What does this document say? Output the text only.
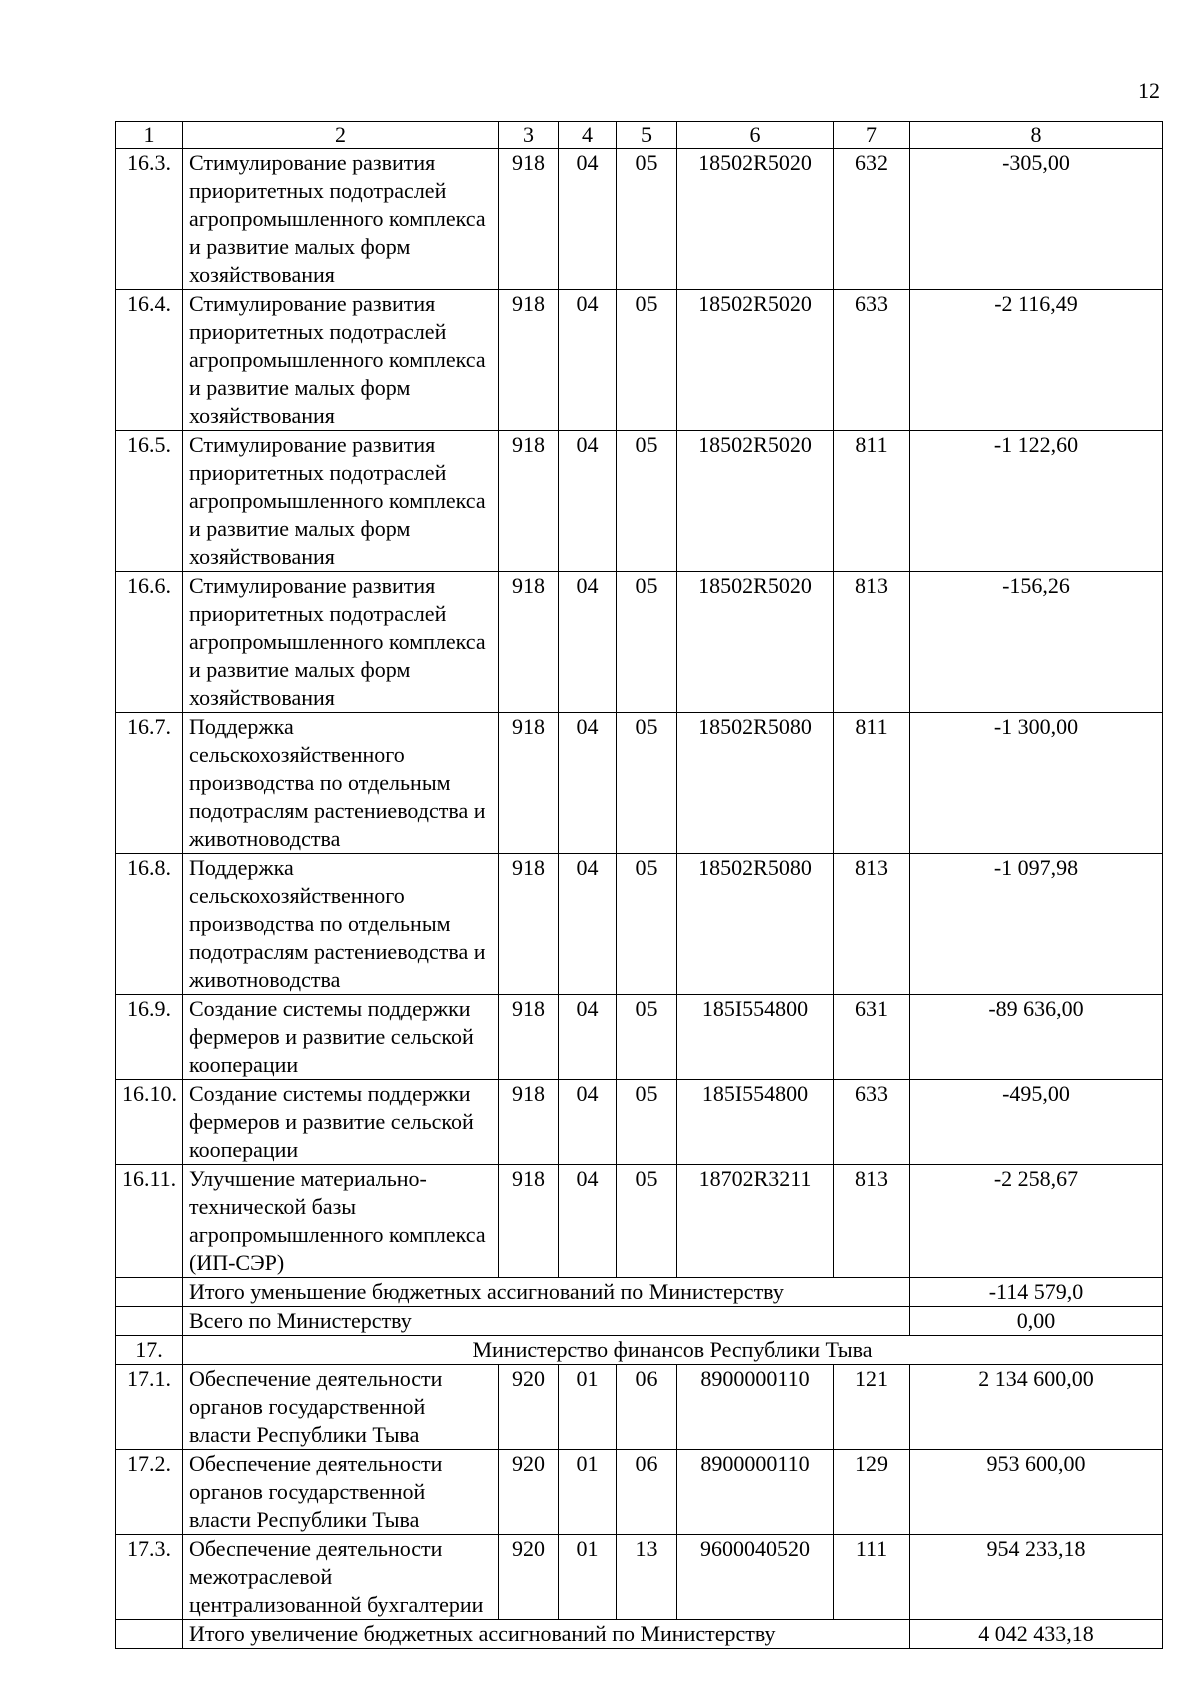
12
1	2	3	4	5	6	7	8
16.3.	Стимулирование развития приоритетных подотраслей агропромышленного комплекса и развитие малых форм хозяйствования	918	04	05	18502R5020	632	-305,00
16.4.	Стимулирование развития приоритетных подотраслей агропромышленного комплекса и развитие малых форм хозяйствования	918	04	05	18502R5020	633	-2 116,49
16.5.	Стимулирование развития приоритетных подотраслей агропромышленного комплекса и развитие малых форм хозяйствования	918	04	05	18502R5020	811	-1 122,60
16.6.	Стимулирование развития приоритетных подотраслей агропромышленного комплекса и развитие малых форм хозяйствования	918	04	05	18502R5020	813	-156,26
16.7.	Поддержка сельскохозяйственного производства по отдельным подотраслям растениеводства и животноводства	918	04	05	18502R5080	811	-1 300,00
16.8.	Поддержка сельскохозяйственного производства по отдельным подотраслям растениеводства и животноводства	918	04	05	18502R5080	813	-1 097,98
16.9.	Создание системы поддержки фермеров и развитие сельской кооперации	918	04	05	185I554800	631	-89 636,00
16.10.	Создание системы поддержки фермеров и развитие сельской кооперации	918	04	05	185I554800	633	-495,00
16.11.	Улучшение материально-технической базы агропромышленного комплекса (ИП-СЭР)	918	04	05	18702R3211	813	-2 258,67
	Итого уменьшение бюджетных ассигнований по Министерству						-114 579,0
	Всего по Министерству						0,00
17.	Министерство финансов Республики Тыва						
17.1.	Обеспечение деятельности органов государственной власти Республики Тыва	920	01	06	8900000110	121	2 134 600,00
17.2.	Обеспечение деятельности органов государственной власти Республики Тыва	920	01	06	8900000110	129	953 600,00
17.3.	Обеспечение деятельности межотраслевой централизованной бухгалтерии	920	01	13	9600040520	111	954 233,18
	Итого увеличение бюджетных ассигнований по Министерству						4 042 433,18
